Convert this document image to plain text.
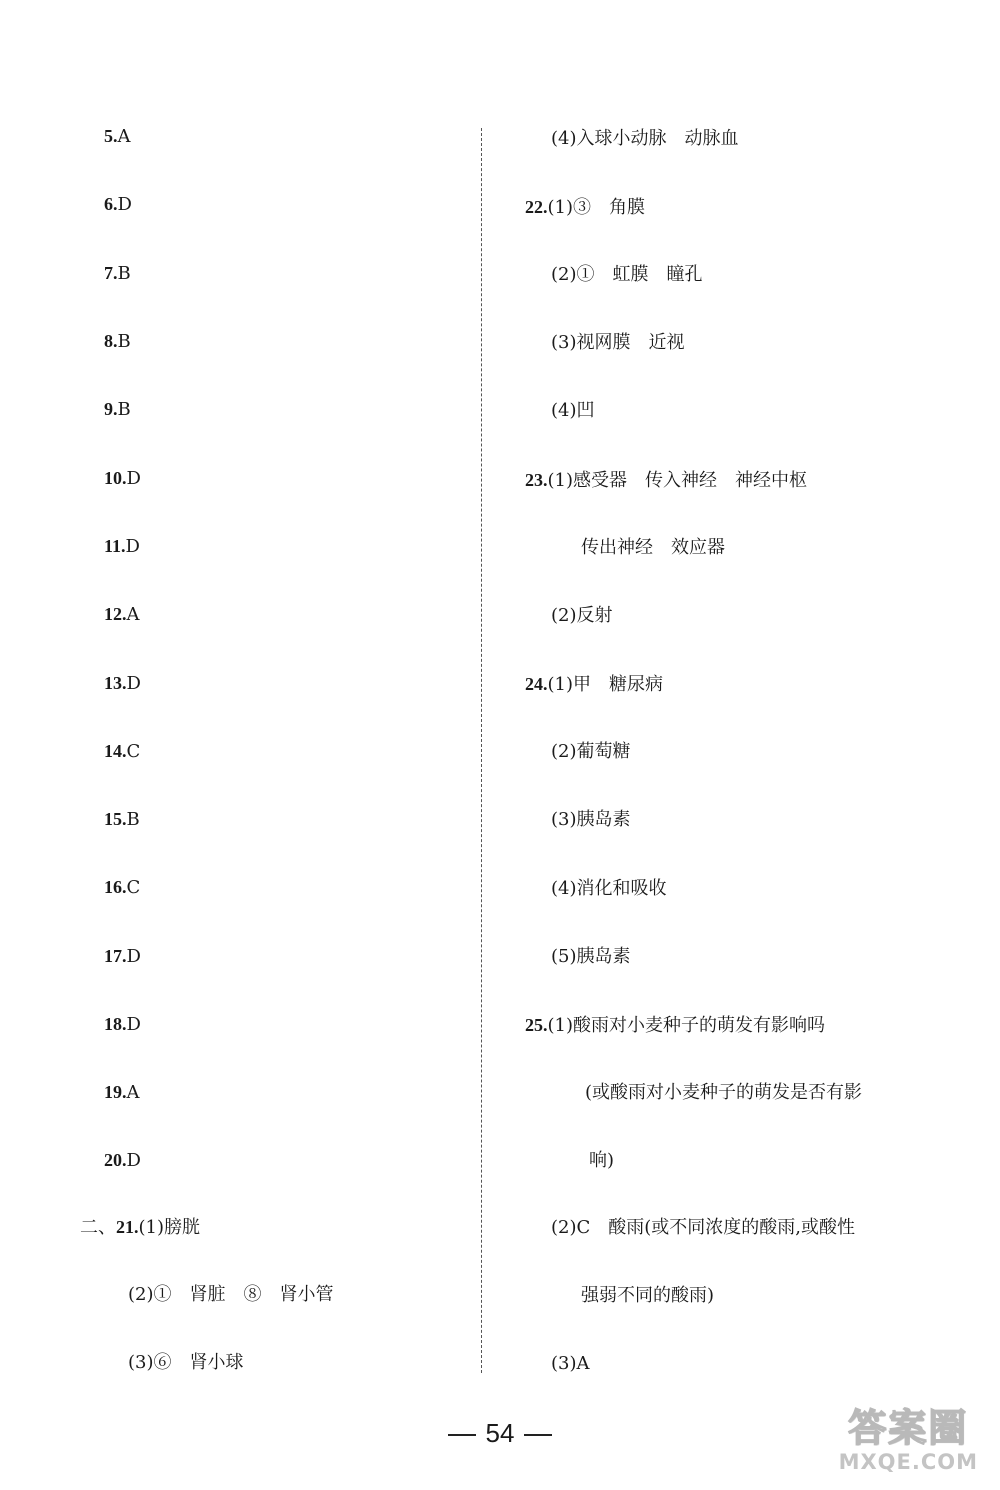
5.A
6.D
7.B
8.B
9.B
10.D
11.D
12.A
13.D
14.C
15.B
16.C
17.D
18.D
19.A
20.D
二、21.(1)膀胱
(2)①　肾脏　⑧　肾小管
(3)⑥　肾小球
(4)入球小动脉　动脉血
22.(1)③　角膜
(2)①　虹膜　瞳孔
(3)视网膜　近视
(4)凹
23.(1)感受器　传入神经　神经中枢
传出神经　效应器
(2)反射
24.(1)甲　糖尿病
(2)葡萄糖
(3)胰岛素
(4)消化和吸收
(5)胰岛素
25.(1)酸雨对小麦种子的萌发有影响吗
(或酸雨对小麦种子的萌发是否有影
响)
(2)C　酸雨(或不同浓度的酸雨,或酸性
强弱不同的酸雨)
(3)A
54	答案圈
MXQE.COM
